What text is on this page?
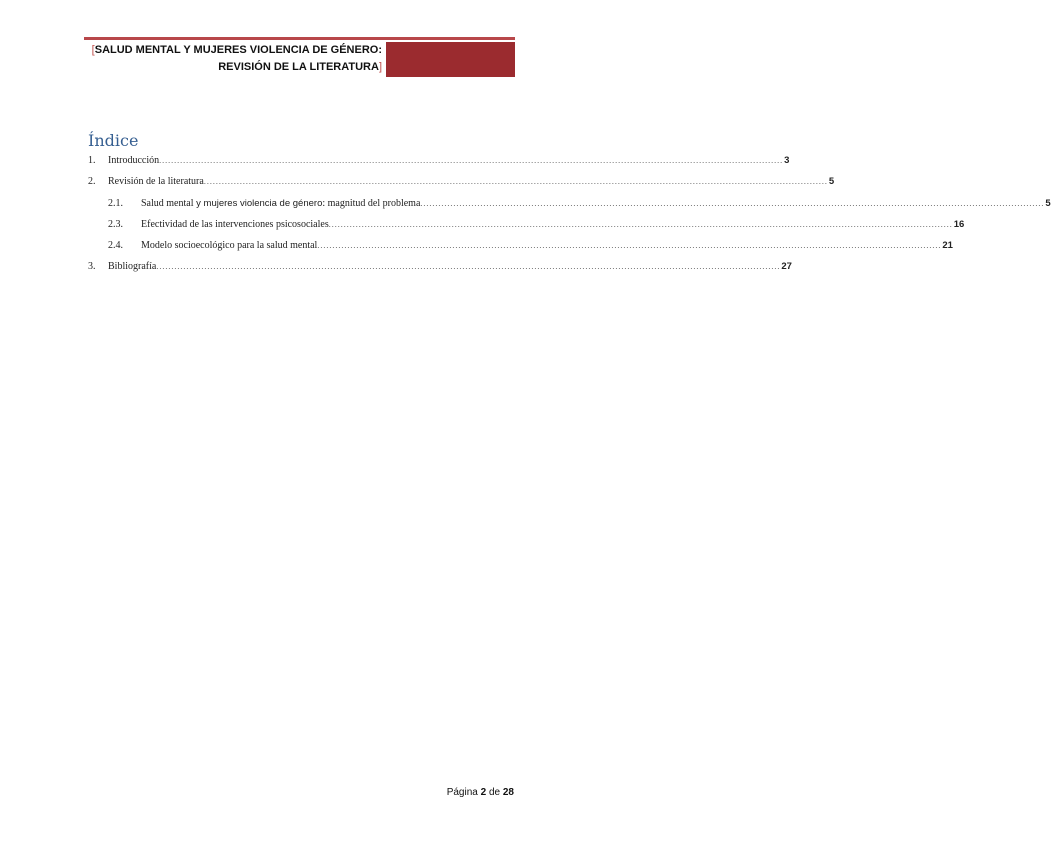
[SALUD MENTAL Y MUJERES VIOLENCIA DE GÉNERO:
REVISIÓN DE LA LITERATURA]
Índice
1.	Introducción ................................................................................................................................................................................................................ 3
2.	Revisión de la literatura ................................................................................................................................................................................................................ 5
2.1.	Salud mental y mujeres violencia de género: magnitud del problema ................................................................................................................................................................................................................ 5
2.3.	Efectividad de las intervenciones psicosociales ................................................................................................................................................................................................................ 16
2.4.	Modelo socioecológico para la salud mental ................................................................................................................................................................................................................ 21
3.	Bibliografía ................................................................................................................................................................................................................ 27
Página 2 de 28
